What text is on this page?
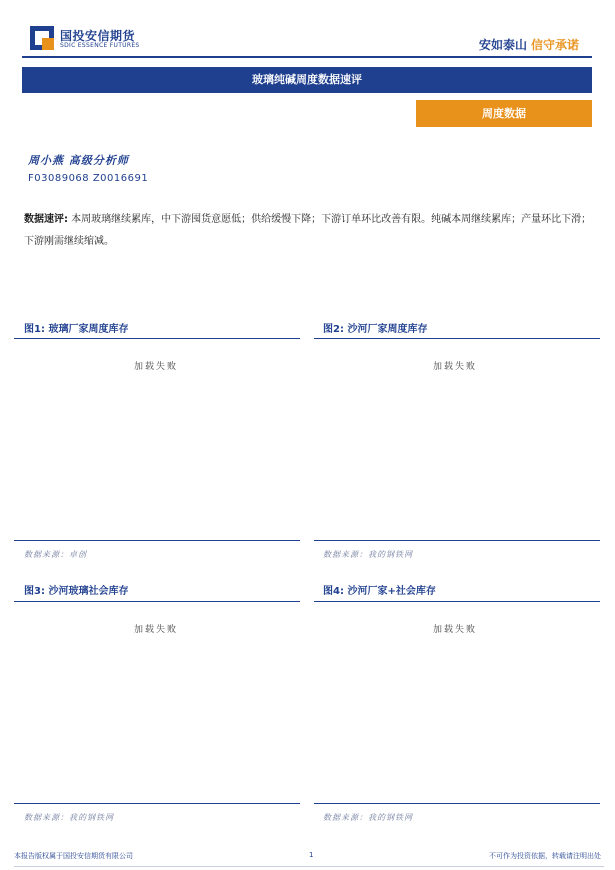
国投安信期货
SDIC ESSENCE FUTURES	安如泰山 信守承诺
玻璃纯碱周度数据速评
周度数据
周小燕 高级分析师
F03089068 Z0016691
数据速评: 本周玻璃继续累库，中下游囤货意愿低；供给缓慢下降；下游订单环比改善有限。纯碱本周继续累库；产量环比下滑；下游刚需继续缩减。
图1: 玻璃厂家周度库存
加载失败
数据来源：卓创
图2: 沙河厂家周度库存
加载失败
数据来源：我的钢铁网
图3: 沙河玻璃社会库存
加载失败
数据来源：我的钢铁网
图4: 沙河厂家+社会库存
加载失败
数据来源：我的钢铁网
本报告版权属于国投安信期货有限公司	1	不可作为投资依据，转载请注明出处
